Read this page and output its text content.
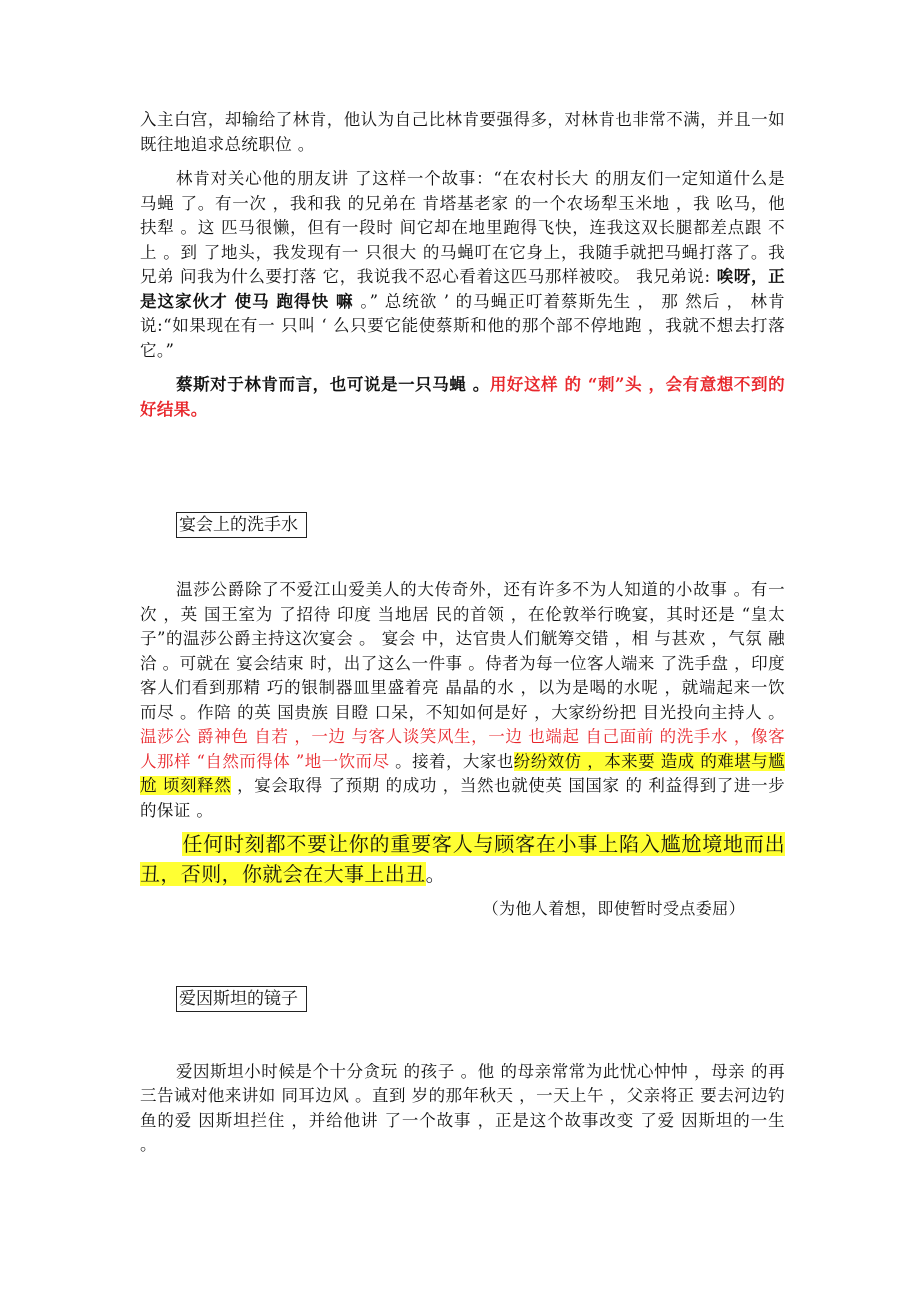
入主白宫，却输给了林肯，他认为自己比林肯要强得多，对林肯也非常不满，并且一如既往地追求总统职位 。

林肯对关心他的朋友讲 了这样一个故事：“在农村长大 的朋友们一定知道什么是马蝇 了。有一次 ，我和我 的兄弟在 肯塔基老家 的一个农场犁玉米地 ，我 吆马，他扶犁 。这 匹马很懒，但有一段时 间它却在地里跑得飞快，连我这双长腿都差点跟 不上 。到 了地头，我发现有一 只很大 的马蝇叮在它身上，我随手就把马蝇打落了。我兄弟 问我为什么要打落 它，我说我不忍心看着这匹马那样被咬。 我兄弟说: 唉呀，正是这家伙才 使马 跑得快 嘛 。” 总统欲 ’ 的马蝇正叮着蔡斯先生 ， 那 然后 ， 林肯说:“如果现在有一 只叫 ‘ 么只要它能使蔡斯和他的那个部不停地跑 ，我就不想去打落它。”

蔡斯对于林肯而言，也可说是一只马蝇 。用好这样 的 “刺”头 ，会有意想不到的好结果。

宴会上的洗手水

温莎公爵除了不爱江山爱美人的大传奇外，还有许多不为人知道的小故事 。有一次 ，英 国王室为 了招待 印度 当地居 民的首领 ，在伦敦举行晚宴，其时还是 “皇太子”的温莎公爵主持这次宴会 。 宴会 中，达官贵人们觥筹交错 ，相 与甚欢 ，气氛 融洽 。可就在 宴会结束 时，出了这么一件事 。侍者为每一位客人端来 了洗手盘 ，印度客人们看到那精 巧的银制器皿里盛着亮 晶晶的水 ，以为是喝的水呢 ，就端起来一饮而尽 。作陪 的英 国贵族 目瞪 口呆，不知如何是好 ，大家纷纷把 目光投向主持人 。 温莎公 爵神色 自若 ，一边 与客人谈笑风生，一边 也端起 自己面前 的洗手水 ，像客人那样 “自然而得体 ”地一饮而尽 。接着，大家也纷纷效仿 ，本来要 造成 的难堪与尴尬 顷刻释然 ，宴会取得 了预期 的成功 ，当然也就使英 国国家 的 利益得到了进一步 的保证 。

任何时刻都不要让你的重要客人与顾客在小事上陷入尴尬境地而出丑，否则，你就会在大事上出丑。

（为他人着想，即使暂时受点委屈）

爱因斯坦的镜子

爱因斯坦小时候是个十分贪玩 的孩子 。他 的母亲常常为此忧心忡忡 ，母亲 的再三告诫对他来讲如 同耳边风 。直到 岁的那年秋天 ，一天上午 ，父亲将正 要去河边钓鱼的爱 因斯坦拦住 ，并给他讲 了一个故事 ，正是这个故事改变 了爱 因斯坦的一生 。
